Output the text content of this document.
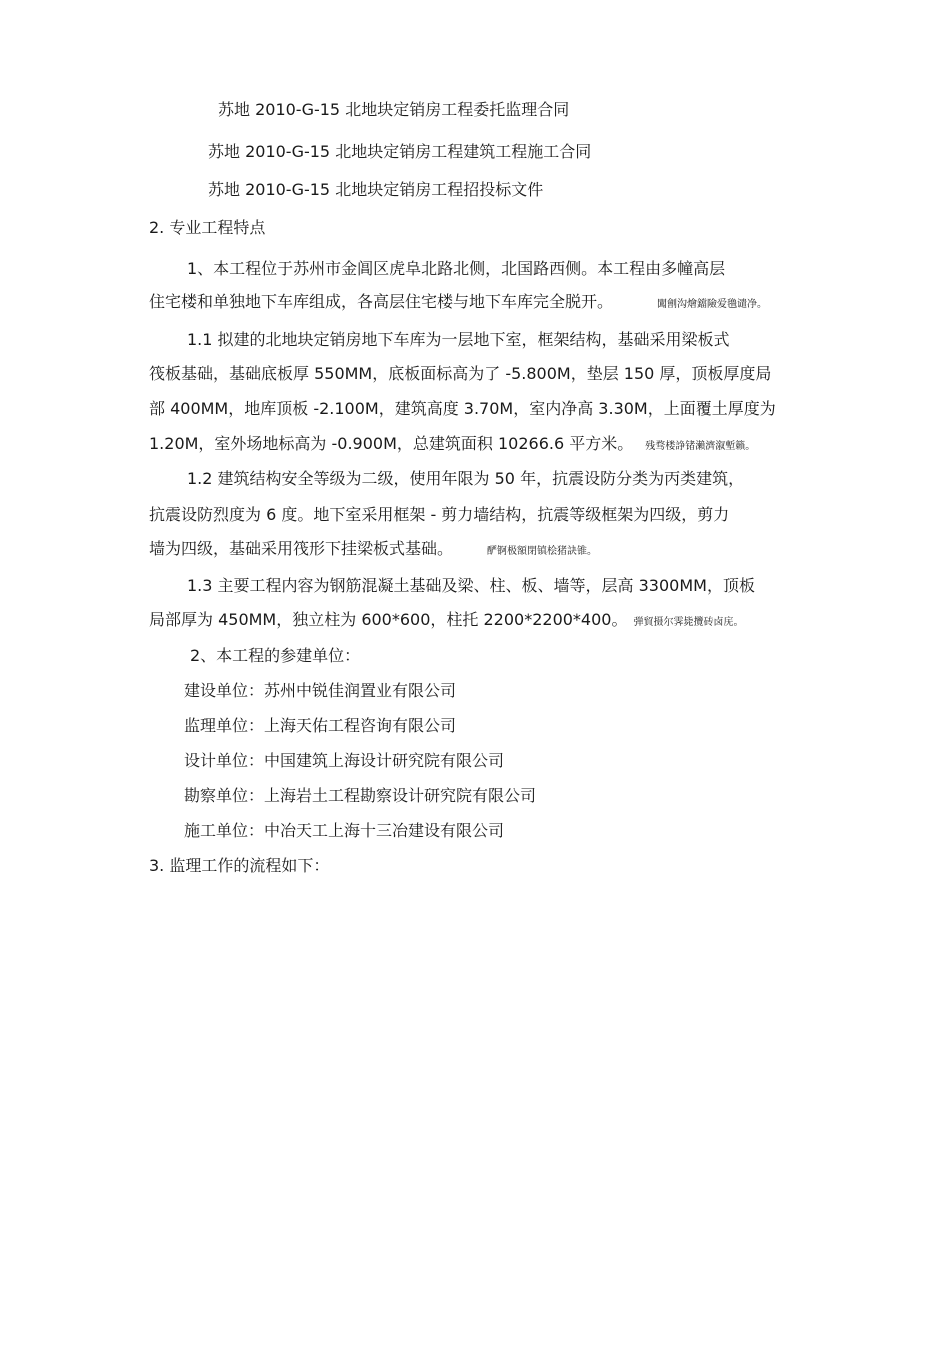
苏地 2010-G-15 北地块定销房工程委托监理合同
苏地 2010-G-15 北地块定销房工程建筑工程施工合同
苏地 2010-G-15 北地块定销房工程招投标文件
2. 专业工程特点
1、本工程位于苏州市金阊区虎阜北路北侧，北国路西侧。本工程由多幢高层
住宅楼和单独地下车库组成，各高层住宅楼与地下车库完全脱开。	闖劊沟燴鐺險爱氇谴净。
1.1 拟建的北地块定销房地下车库为一层地下室，框架结构，基础采用梁板式
筏板基础，基础底板厚 550MM，底板面标高为了 -5.800M，垫层 150 厚，顶板厚度局
部 400MM，地库顶板 -2.100M，建筑高度 3.70M，室内净高 3.30M，上面覆土厚度为
1.20M，室外场地标高为 -0.900M，总建筑面积 10266.6 平方米。 残骛楼諍锗瀨濟溆塹籟。
1.2 建筑结构安全等级为二级，使用年限为 50 年，抗震设防分类为丙类建筑，
抗震设防烈度为 6 度。地下室采用框架 - 剪力墙结构，抗震等级框架为四级，剪力
墙为四级，基础采用筏形下挂梁板式基础。	酽锕极額閉镇桧猪訣锥。
1.3 主要工程内容为钢筋混凝土基础及梁、柱、板、墙等，层高 3300MM，顶板
局部厚为 450MM，独立柱为 600*600，柱托 2200*2200*400。 弾貿摄尔霁毙攬砖卤庑。
2、本工程的参建单位：
建设单位：苏州中锐佳润置业有限公司
监理单位：上海天佑工程咨询有限公司
设计单位：中国建筑上海设计研究院有限公司
勘察单位：上海岩土工程勘察设计研究院有限公司
施工单位：中冶天工上海十三冶建设有限公司
3. 监理工作的流程如下：
